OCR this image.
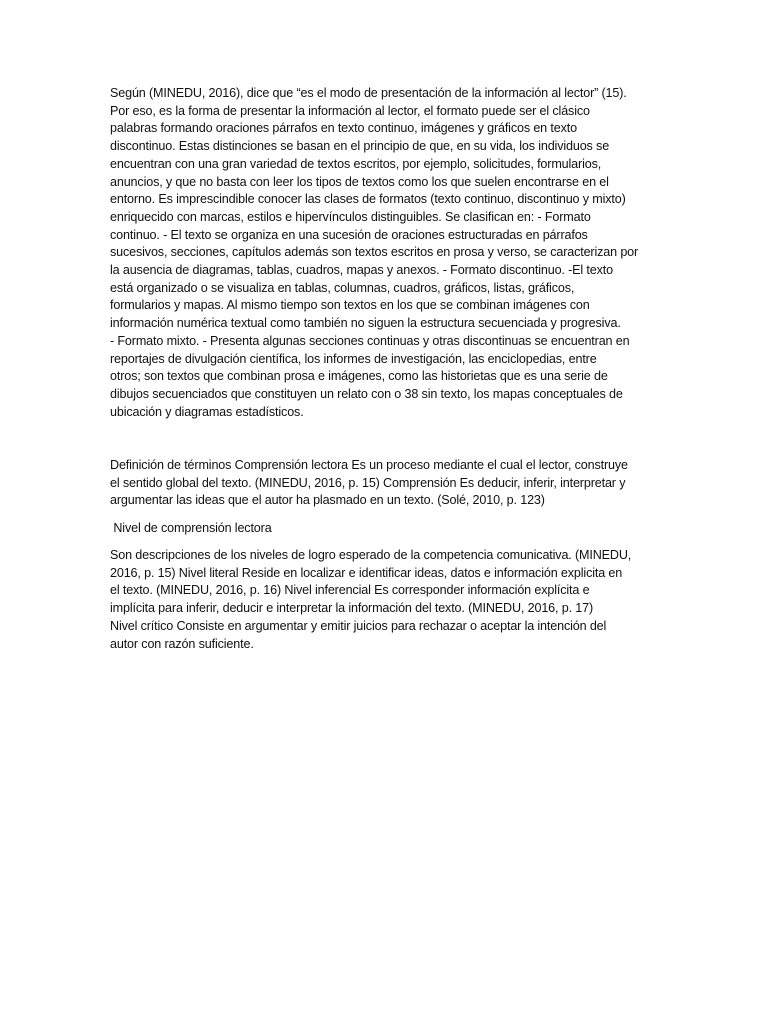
Según (MINEDU, 2016), dice que “es el modo de presentación de la información al lector” (15).
Por eso, es la forma de presentar la información al lector, el formato puede ser el clásico
palabras formando oraciones párrafos en texto continuo, imágenes y gráficos en texto
discontinuo. Estas distinciones se basan en el principio de que, en su vida, los individuos se
encuentran con una gran variedad de textos escritos, por ejemplo, solicitudes, formularios,
anuncios, y que no basta con leer los tipos de textos como los que suelen encontrarse en el
entorno. Es imprescindible conocer las clases de formatos (texto continuo, discontinuo y mixto)
enriquecido con marcas, estilos e hipervínculos distinguibles. Se clasifican en: - Formato
continuo. - El texto se organiza en una sucesión de oraciones estructuradas en párrafos
sucesivos, secciones, capítulos además son textos escritos en prosa y verso, se caracterizan por
la ausencia de diagramas, tablas, cuadros, mapas y anexos. - Formato discontinuo. -El texto
está organizado o se visualiza en tablas, columnas, cuadros, gráficos, listas, gráficos,
formularios y mapas. Al mismo tiempo son textos en los que se combinan imágenes con
información numérica textual como también no siguen la estructura secuenciada y progresiva.
- Formato mixto. - Presenta algunas secciones continuas y otras discontinuas se encuentran en
reportajes de divulgación científica, los informes de investigación, las enciclopedias, entre
otros; son textos que combinan prosa e imágenes, como las historietas que es una serie de
dibujos secuenciados que constituyen un relato con o 38 sin texto, los mapas conceptuales de
ubicación y diagramas estadísticos.
Definición de términos Comprensión lectora Es un proceso mediante el cual el lector, construye
el sentido global del texto. (MINEDU, 2016, p. 15) Comprensión Es deducir, inferir, interpretar y
argumentar las ideas que el autor ha plasmado en un texto. (Solé, 2010, p. 123)
Nivel de comprensión lectora
Son descripciones de los niveles de logro esperado de la competencia comunicativa. (MINEDU,
2016, p. 15) Nivel literal Reside en localizar e identificar ideas, datos e información explicita en
el texto. (MINEDU, 2016, p. 16) Nivel inferencial Es corresponder información explícita e
implícita para inferir, deducir e interpretar la información del texto. (MINEDU, 2016, p. 17)
Nivel crítico Consiste en argumentar y emitir juicios para rechazar o aceptar la intención del
autor con razón suficiente.
